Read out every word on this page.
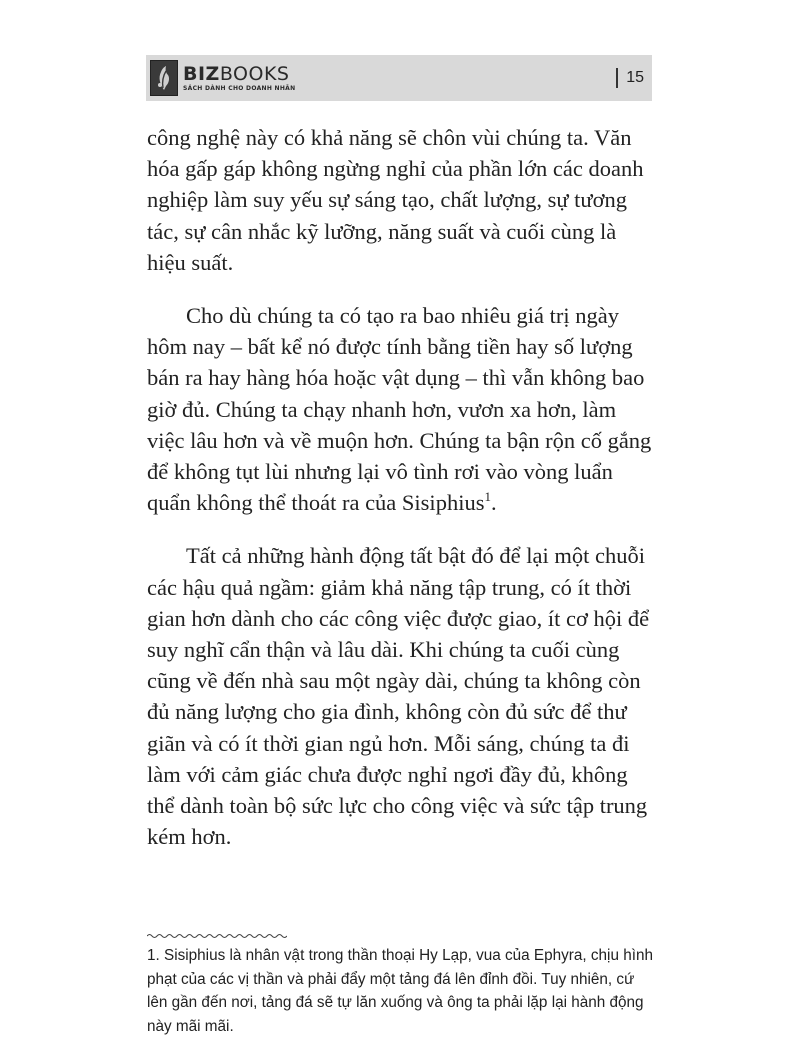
BIZBOOKS
SÁCH DÀNH CHO DOANH NHÂN
15

công nghệ này có khả năng sẽ chôn vùi chúng ta. Văn hóa gấp gáp không ngừng nghỉ của phần lớn các doanh nghiệp làm suy yếu sự sáng tạo, chất lượng, sự tương tác, sự cân nhắc kỹ lưỡng, năng suất và cuối cùng là hiệu suất.

Cho dù chúng ta có tạo ra bao nhiêu giá trị ngày hôm nay – bất kể nó được tính bằng tiền hay số lượng bán ra hay hàng hóa hoặc vật dụng – thì vẫn không bao giờ đủ. Chúng ta chạy nhanh hơn, vươn xa hơn, làm việc lâu hơn và về muộn hơn. Chúng ta bận rộn cố gắng để không tụt lùi nhưng lại vô tình rơi vào vòng luẩn quẩn không thể thoát ra của Sisiphius$^1$.

Tất cả những hành động tất bật đó để lại một chuỗi các hậu quả ngầm: giảm khả năng tập trung, có ít thời gian hơn dành cho các công việc được giao, ít cơ hội để suy nghĩ cẩn thận và lâu dài. Khi chúng ta cuối cùng cũng về đến nhà sau một ngày dài, chúng ta không còn đủ năng lượng cho gia đình, không còn đủ sức để thư giãn và có ít thời gian ngủ hơn. Mỗi sáng, chúng ta đi làm với cảm giác chưa được nghỉ ngơi đầy đủ, không thể dành toàn bộ sức lực cho công việc và sức tập trung kém hơn.

1. Sisiphius là nhân vật trong thần thoại Hy Lạp, vua của Ephyra, chịu hình phạt của các vị thần và phải đẩy một tảng đá lên đỉnh đồi. Tuy nhiên, cứ lên gần đến nơi, tảng đá sẽ tự lăn xuống và ông ta phải lặp lại hành động này mãi mãi.
